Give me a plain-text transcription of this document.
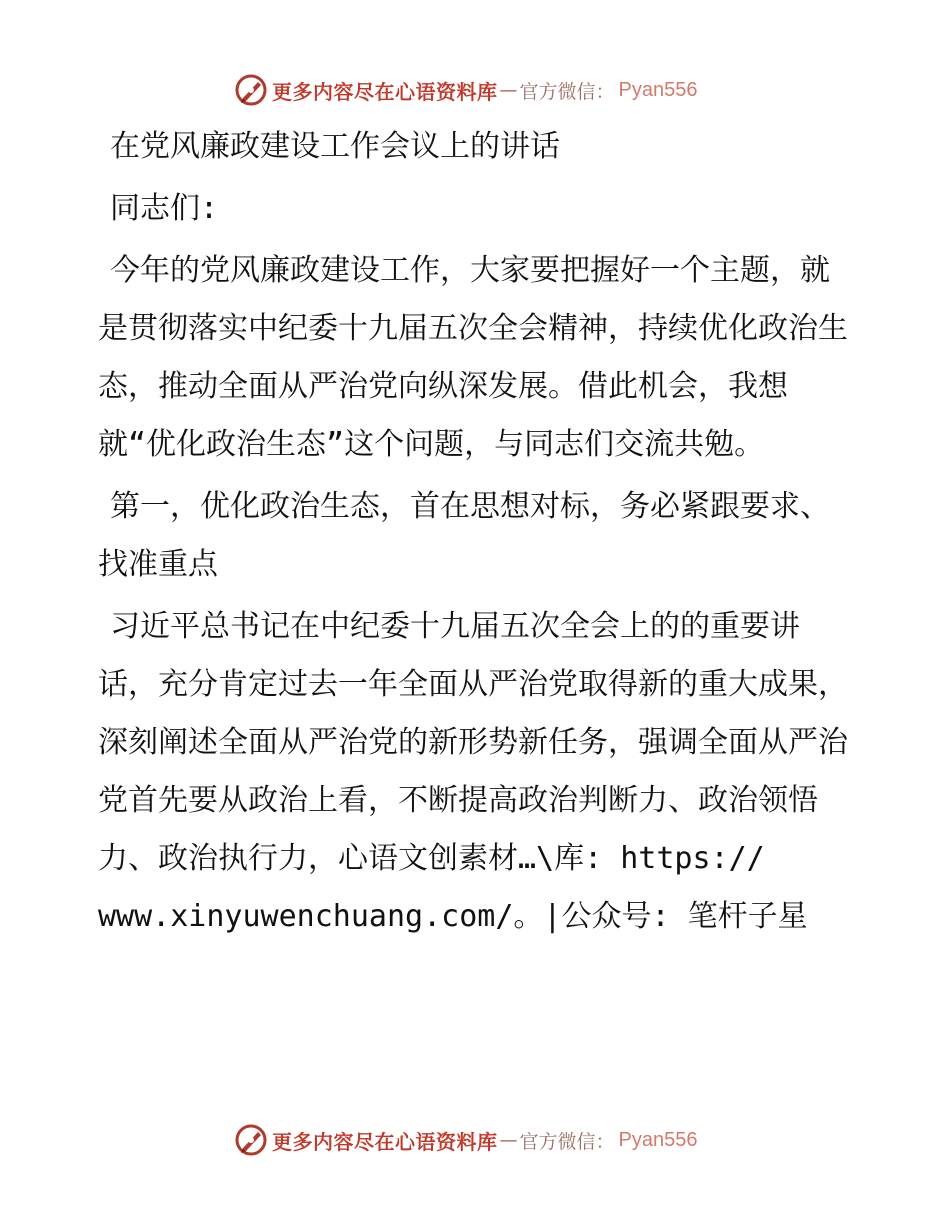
更多内容尽在心语资料库 — 官方微信： Pyan556

在党风廉政建设工作会议上的讲话

同志们:

今年的党风廉政建设工作，大家要把握好一个主题，就是贯彻落实中纪委十九届五次全会精神，持续优化政治生态，推动全面从严治党向纵深发展。借此机会，我想就“优化政治生态”这个问题，与同志们交流共勉。

第一，优化政治生态，首在思想对标，务必紧跟要求、找准重点

习近平总书记在中纪委十九届五次全会上的的重要讲话，充分肯定过去一年全面从严治党取得新的重大成果，深刻阐述全面从严治党的新形势新任务，强调全面从严治党首先要从政治上看，不断提高政治判断力、政治领悟力、政治执行力，心语文创素材…\库: https://

www.xinyuwenchuang.com/。|公众号: 笔杆子星

更多内容尽在心语资料库 — 官方微信： Pyan556
